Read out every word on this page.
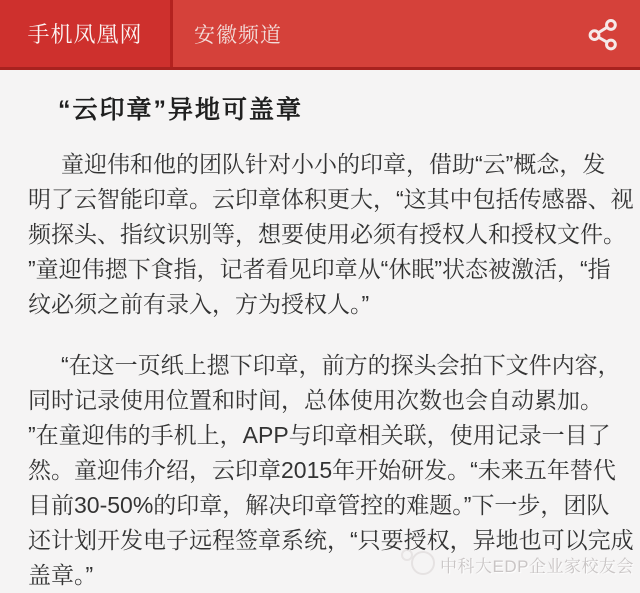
手机凤凰网 安徽频道
“云印章”异地可盖章
童迎伟和他的团队针对小小的印章，借助“云”概念，发
明了云智能印章。云印章体积更大，“这其中包括传感器、视
频探头、指纹识别等，想要使用必须有授权人和授权文件。
”童迎伟摁下食指，记者看见印章从“休眠”状态被激活，“指
纹必须之前有录入，方为授权人。”
“在这一页纸上摁下印章，前方的探头会拍下文件内容，
同时记录使用位置和时间，总体使用次数也会自动累加。
”在童迎伟的手机上，APP与印章相关联，使用记录一目了
然。童迎伟介绍，云印章2015年开始研发。“未来五年替代
目前30-50%的印章，解决印章管控的难题。”下一步，团队
还计划开发电子远程签章系统，“只要授权，异地也可以完成
盖章。”	中科大EDP企业家校友会
